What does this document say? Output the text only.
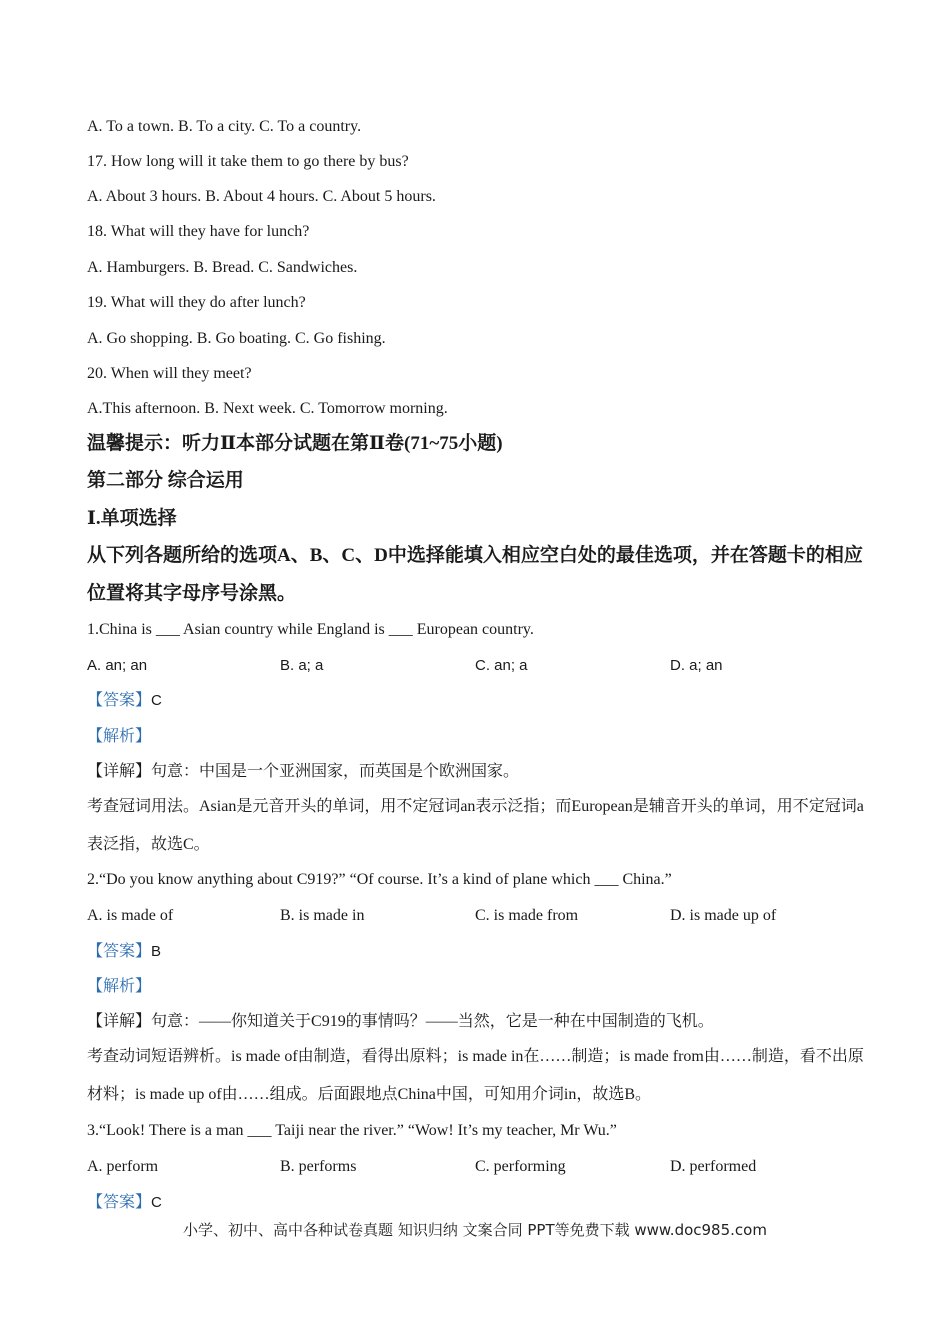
A. To a town. B. To a city. C. To a country.
17. How long will it take them to go there by bus?
A. About 3 hours. B. About 4 hours. C. About 5 hours.
18. What will they have for lunch?
A. Hamburgers. B. Bread. C. Sandwiches.
19. What will they do after lunch?
A. Go shopping. B. Go boating. C. Go fishing.
20. When will they meet?
A.This afternoon. B. Next week. C. Tomorrow morning.
温馨提示：听力Ⅱ本部分试题在第Ⅱ卷(71~75小题)
第二部分 综合运用
Ⅰ.单项选择
从下列各题所给的选项A、B、C、D中选择能填入相应空白处的最佳选项，并在答题卡的相应位置将其字母序号涂黑。
1.China is ___ Asian country while England is ___ European country.
A. an; an	B. a; a	C. an; a	D. a; an
【答案】C
【解析】
【详解】句意：中国是一个亚洲国家，而英国是个欧洲国家。
考查冠词用法。Asian是元音开头的单词，用不定冠词an表示泛指；而European是辅音开头的单词，用不定冠词a表泛指，故选C。
2.“Do you know anything about C919?” “Of course. It’s a kind of plane which ___ China.”
A. is made of	B. is made in	C. is made from	D. is made up of
【答案】B
【解析】
【详解】句意：——你知道关于C919的事情吗？——当然，它是一种在中国制造的飞机。
考查动词短语辨析。is made of由制造，看得出原料；is made in在……制造；is made from由……制造，看不出原材料；is made up of由……组成。后面跟地点China中国，可知用介词in，故选B。
3.“Look! There is a man ___ Taiji near the river.” “Wow! It’s my teacher, Mr Wu.”
A. perform	B. performs	C. performing	D. performed
【答案】C
小学、初中、高中各种试卷真题 知识归纳 文案合同 PPT等免费下载 www.doc985.com
